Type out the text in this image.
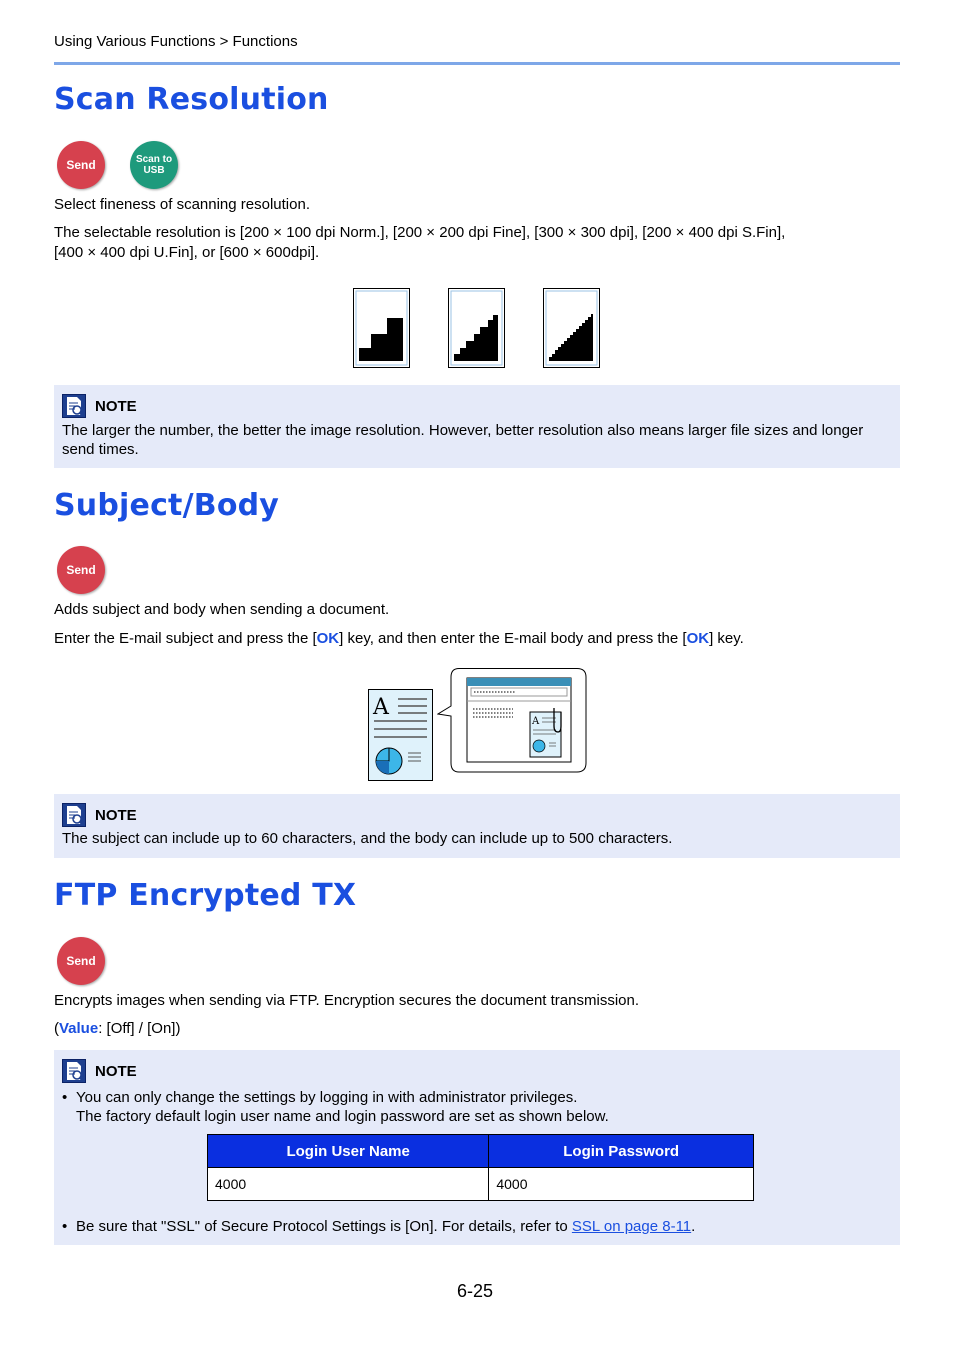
Using Various Functions > Functions
Scan Resolution
Send	Scan to
USB
Select fineness of scanning resolution.
The selectable resolution is [200 × 100 dpi Norm.], [200 × 200 dpi Fine], [300 × 300 dpi], [200 × 400 dpi S.Fin],
[400 × 400 dpi U.Fin], or [600 × 600dpi].
NOTE
The larger the number, the better the image resolution. However, better resolution also means larger file sizes and longer send times.
Subject/Body
Send
Adds subject and body when sending a document.
Enter the E-mail subject and press the [OK] key, and then enter the E-mail body and press the [OK] key.
A
A
NOTE
The subject can include up to 60 characters, and the body can include up to 500 characters.
FTP Encrypted TX
Send
Encrypts images when sending via FTP. Encryption secures the document transmission.
(Value: [Off] / [On])
NOTE
• You can only change the settings by logging in with administrator privileges.
The factory default login user name and login password are set as shown below.
Login User Name	Login Password
4000	4000
• Be sure that "SSL" of Secure Protocol Settings is [On]. For details, refer to SSL on page 8-11.
6-25
